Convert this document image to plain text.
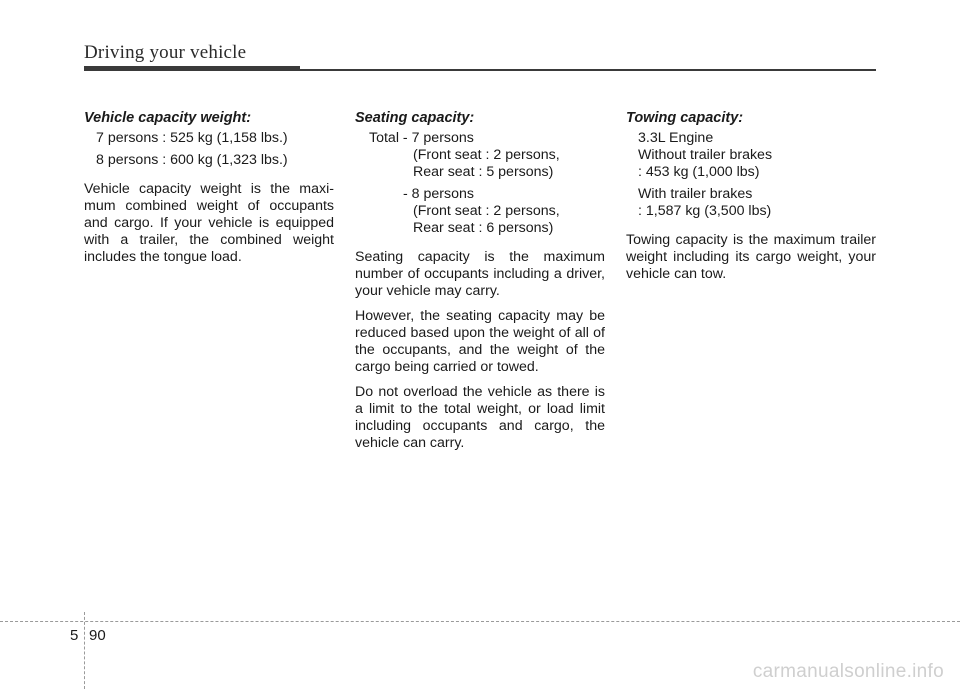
Driving your vehicle

Vehicle capacity weight:

7 persons : 525 kg (1,158 lbs.)

8 persons : 600 kg (1,323 lbs.)

Vehicle capacity weight is the maxi-mum combined weight of occupants and cargo. If your vehicle is equipped with a trailer, the combined weight includes the tongue load.

Seating capacity:

Total - 7 persons

(Front seat : 2 persons,

Rear seat : 5 persons)

- 8 persons

(Front seat : 2 persons,

Rear seat : 6 persons)

Seating capacity is the maximum number of occupants including a driver, your vehicle may carry.

However, the seating capacity may be reduced based upon the weight of all of the occupants, and the weight of the cargo being carried or towed.

Do not overload the vehicle as there is a limit to the total weight, or load limit including occupants and cargo, the vehicle can carry.

Towing capacity:

3.3L Engine

Without trailer brakes

: 453 kg (1,000 lbs)

With trailer brakes

: 1,587 kg (3,500 lbs)

Towing capacity is the maximum trailer weight including its cargo weight, your vehicle can tow.

5 90
carmanualsonline.info
